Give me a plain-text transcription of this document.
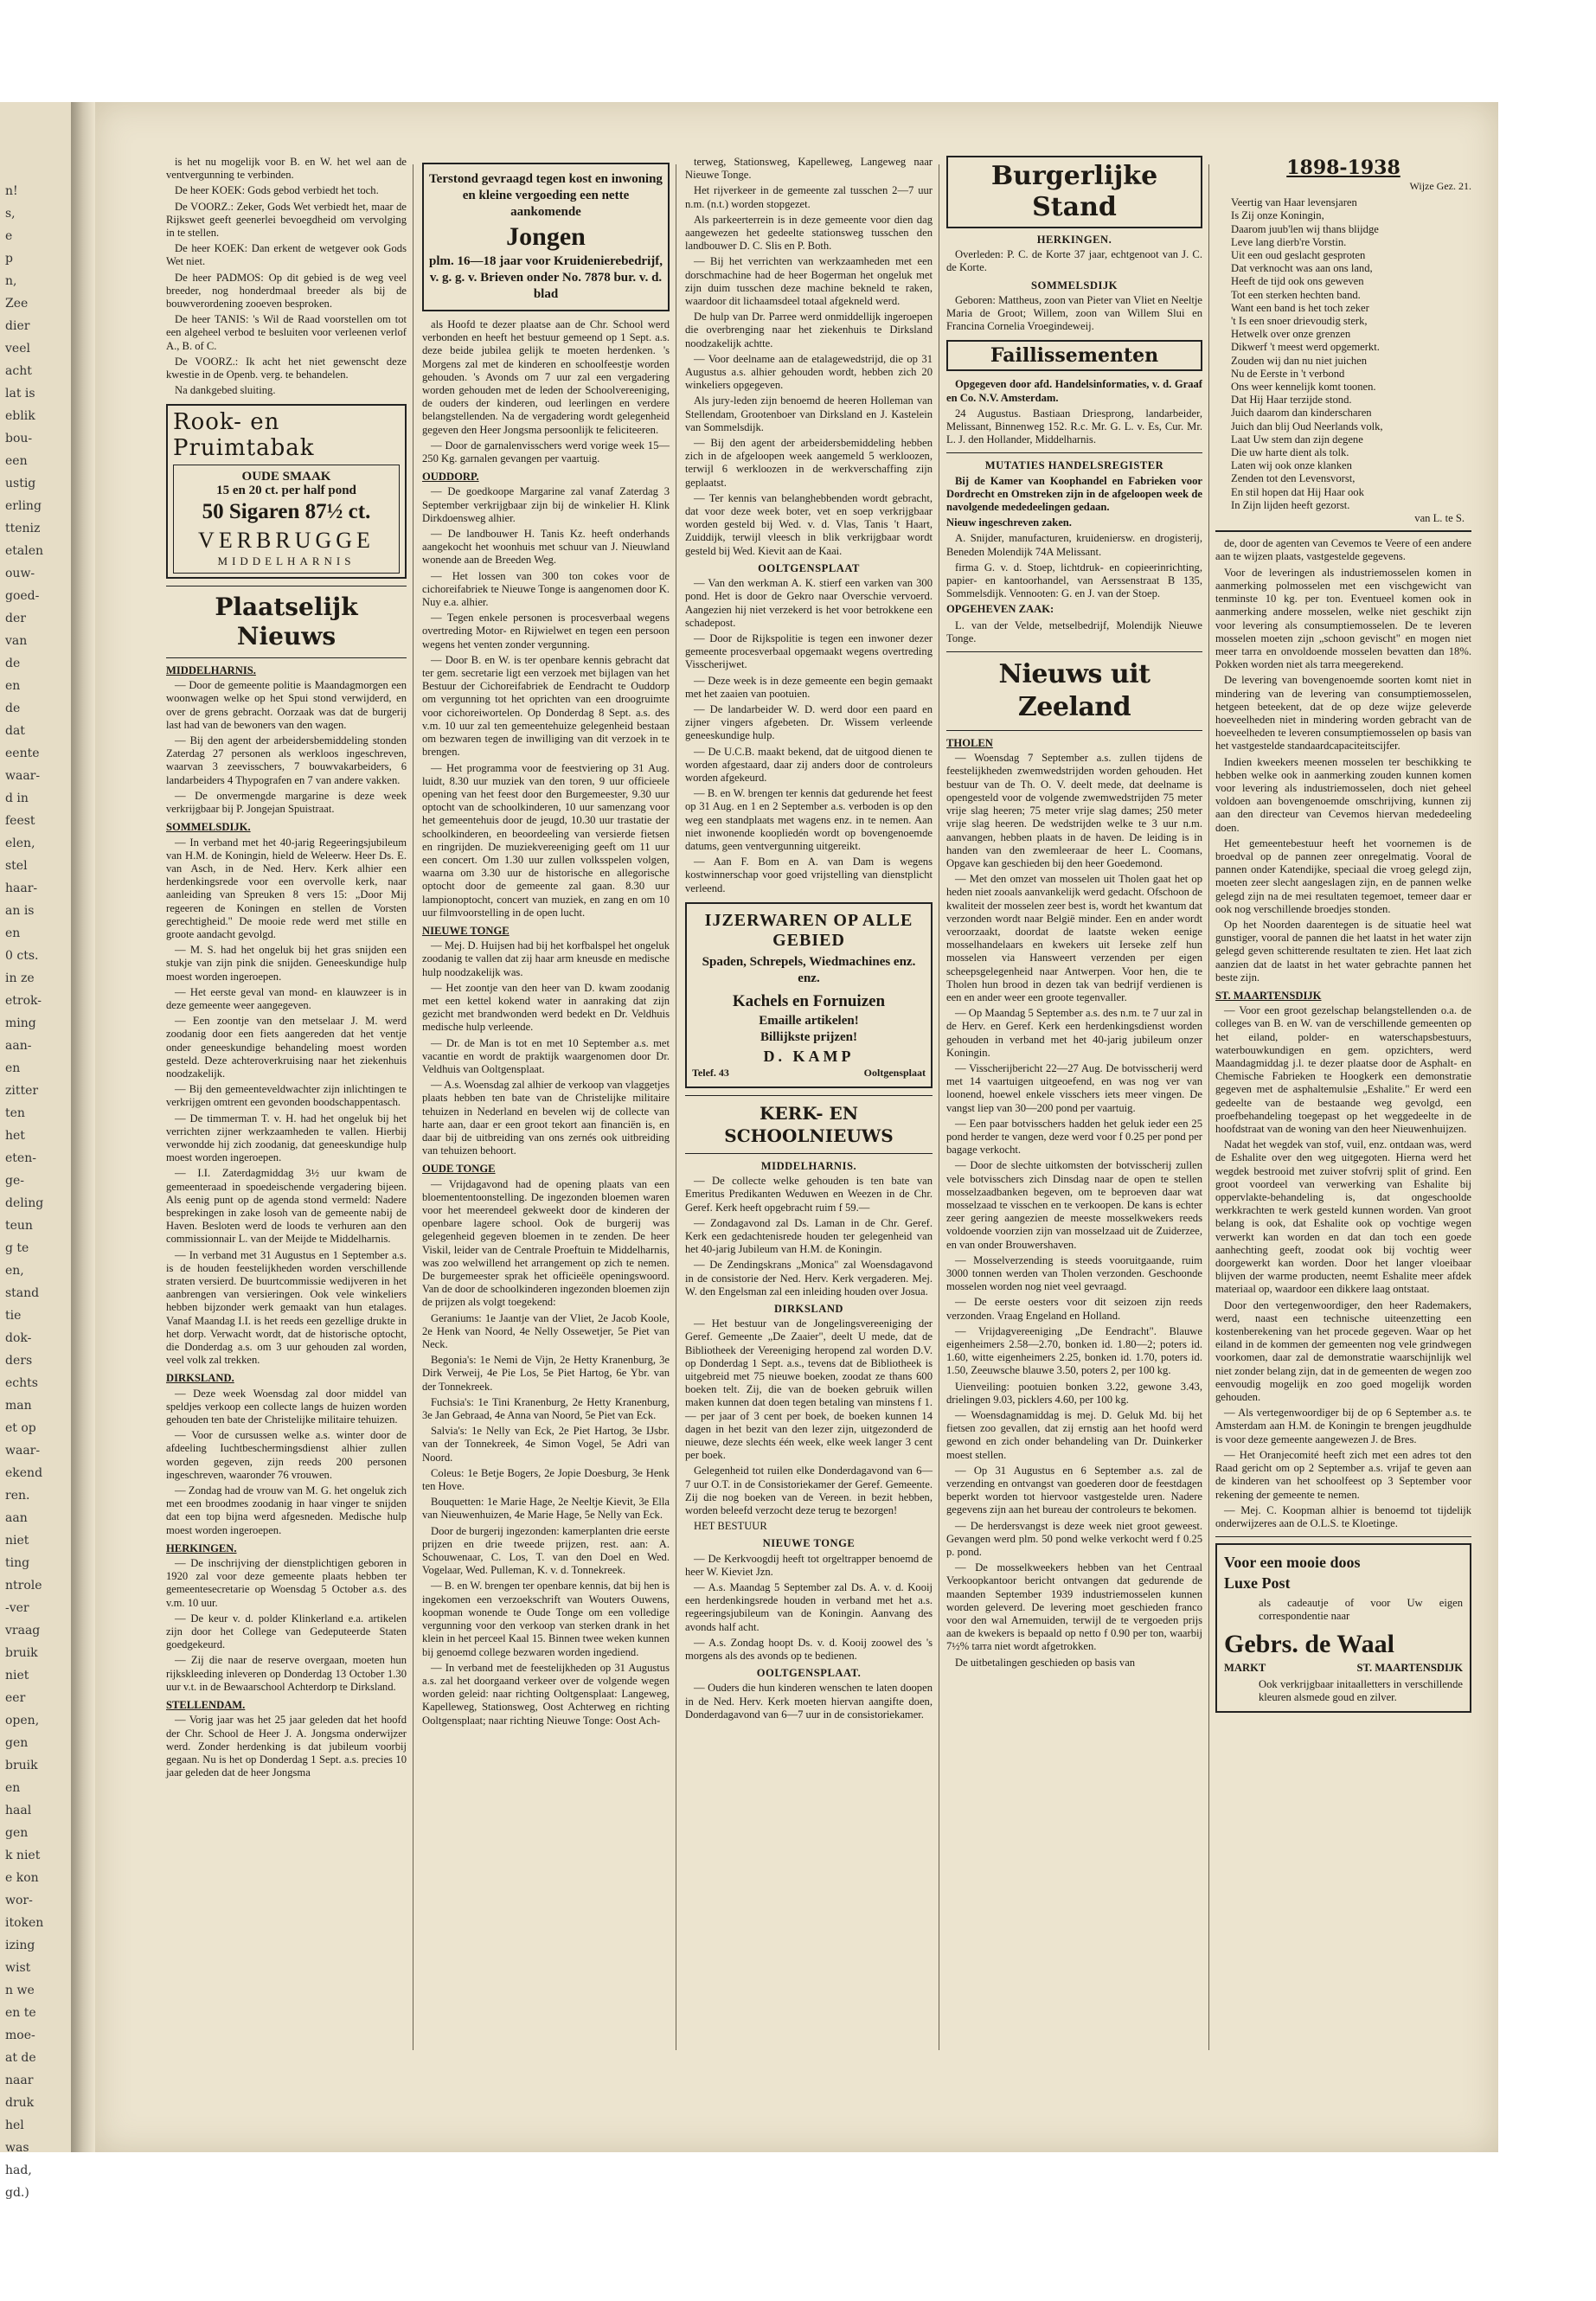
n!
s,
e
p
n,
Zee
dier
veel
acht
lat is
eblik
bou-
een
ustig
erling
tteniz
etalen
ouw-
goed-
der
van
de
en
de
dat
eente
waar-
d in
feest
elen,
stel
haar-
an is
en
0 cts.
in ze
etrok-
ming
aan-
en
zitter
ten
het
eten-
ge-
deling
teun
g te
en,
stand
tie
dok-
ders
echts
man
et op
waar-
ekend
ren.
aan
niet
ting
ntrole
-ver
vraag
bruik
niet
eer
open,
gen
bruik
en
haal
gen
k niet
e kon
wor-
itoken
izing
wist
n we
en te
moe-
at de
naar
druk
hel
was
had,
gd.)

is het nu mogelijk voor B. en W. het wel aan de ventvergunning te verbinden.

De heer KOEK: Gods gebod verbiedt het toch.

De VOORZ.: Zeker, Gods Wet verbiedt het, maar de Rijkswet geeft geenerlei bevoegdheid om vervolging in te stellen.

De heer KOEK: Dan erkent de wetgever ook Gods Wet niet.

De heer PADMOS: Op dit gebied is de weg veel breeder, nog honderdmaal breeder als bij de bouwverordening zooeven besproken.

De heer TANIS: 's Wil de Raad voorstellen om tot een algeheel verbod te besluiten voor verleenen verlof A., B. of C.

De VOORZ.: Ik acht het niet gewenscht deze kwestie in de Openb. verg. te behandelen.

Na dankgebed sluiting.

Rook- en
Pruimtabak
OUDE SMAAK
15 en 20 ct. per half pond
50 Sigaren 87½ ct.
VERBRUGGE
MIDDELHARNIS
Plaatselijk Nieuws
MIDDELHARNIS.

— Door de gemeente politie is Maandagmorgen een woonwagen welke op het Spui stond verwijderd, en over de grens gebracht. Oorzaak was dat de burgerij last had van de bewoners van den wagen.

— Bij den agent der arbeidersbemiddeling stonden Zaterdag 27 personen als werkloos ingeschreven, waarvan 3 zeevisschers, 7 bouwvakarbeiders, 6 landarbeiders 4 Thypografen en 7 van andere vakken.

— De onvermengde margarine is deze week verkrijgbaar bij P. Jongejan Spuistraat.

SOMMELSDIJK.

— In verband met het 40-jarig Regeeringsjubileum van H.M. de Koningin, hield de Weleerw. Heer Ds. E. van Asch, in de Ned. Herv. Kerk alhier een herdenkingsrede voor een overvolle kerk, naar aanleiding van Spreuken 8 vers 15: „Door Mij regeeren de Koningen en stellen de Vorsten gerechtigheid." De mooie rede werd met stille en groote aandacht gevolgd.

— M. S. had het ongeluk bij het gras snijden een stukje van zijn pink die snijden. Geneeskundige hulp moest worden ingeroepen.

— Het eerste geval van mond- en klauwzeer is in deze gemeente weer aangegeven.

— Een zoontje van den metselaar J. M. werd zoodanig door een fiets aangereden dat het ventje onder geneeskundige behandeling moest worden gesteld. Deze achteroverkruising naar het ziekenhuis noodzakelijk.

— Bij den gemeenteveldwachter zijn inlichtingen te verkrijgen omtrent een gevonden boodschappentasch.

— De timmerman T. v. H. had het ongeluk bij het verrichten zijner werkzaamheden te vallen. Hierbij verwondde hij zich zoodanig, dat geneeskundige hulp moest worden ingeroepen.

— I.I. Zaterdagmiddag 3½ uur kwam de gemeenteraad in spoedeischende vergadering bijeen. Als eenig punt op de agenda stond vermeld: Nadere besprekingen in zake losoh van de gemeente nabij de Haven. Besloten werd de loods te verhuren aan den commissionnair L. van der Meijde te Middelharnis.

— In verband met 31 Augustus en 1 September a.s. is de houden feestelijkheden worden verschillende straten versierd. De buurtcommissie wedijveren in het aanbrengen van versieringen. Ook vele winkeliers hebben bijzonder werk gemaakt van hun etalages. Vanaf Maandag I.I. is het reeds een gezellige drukte in het dorp. Verwacht wordt, dat de historische optocht, die Donderdag a.s. om 3 uur gehouden zal worden, veel volk zal trekken.

DIRKSLAND.

— Deze week Woensdag zal door middel van speldjes verkoop een collecte langs de huizen worden gehouden ten bate der Christelijke militaire tehuizen.

— Voor de cursussen welke a.s. winter door de afdeeling Iuchtbeschermingsdienst alhier zullen worden gegeven, zijn reeds 200 personen ingeschreven, waaronder 76 vrouwen.

— Zondag had de vrouw van M. G. het ongeluk zich met een broodmes zoodanig in haar vinger te snijden dat een top bijna werd afgesneden. Medische hulp moest worden ingeroepen.

HERKINGEN.

— De inschrijving der dienstplichtigen geboren in 1920 zal voor deze gemeente plaats hebben ter gemeentesecretarie op Woensdag 5 October a.s. des v.m. 10 uur.

— De keur v. d. polder Klinkerland e.a. artikelen zijn door het College van Gedeputeerde Staten goedgekeurd.

— Zij die naar de reserve overgaan, moeten hun rijkskleeding inleveren op Donderdag 13 October 1.30 uur v.t. in de Bewaarschool Achterdorp te Dirksland.

STELLENDAM.

— Vorig jaar was het 25 jaar geleden dat het hoofd der Chr. School de Heer J. A. Jongsma onderwijzer werd. Zonder herdenking is dat jubileum voorbij gegaan. Nu is het op Donderdag 1 Sept. a.s. precies 10 jaar geleden dat de heer Jongsma

Terstond gevraagd tegen kost en inwoning en kleine vergoeding een nette aankomende
Jongen
plm. 16—18 jaar voor Kruidenierebedrijf, v. g. g. v. Brieven onder No. 7878 bur. v. d. blad

als Hoofd te dezer plaatse aan de Chr. School werd verbonden en heeft het bestuur gemeend op 1 Sept. a.s. deze beide jubilea gelijk te moeten herdenken. 's Morgens zal met de kinderen en schoolfeestje worden gehouden. 's Avonds om 7 uur zal een vergadering worden gehouden met de leden der Schoolvereeniging, de ouders der kinderen, oud leerlingen en verdere belangstellenden. Na de vergadering wordt gelegenheid gegeven den Heer Jongsma persoonlijk te feliciteeren.

— Door de garnalenvisschers werd vorige week 15—250 Kg. garnalen gevangen per vaartuig.

OUDDORP.

— De goedkoope Margarine zal vanaf Zaterdag 3 September verkrijgbaar zijn bij de winkelier H. Klink Dirkdoensweg alhier.

— De landbouwer H. Tanis Kz. heeft onderhands aangekocht het woonhuis met schuur van J. Nieuwland wonende aan de Breeden Weg.

— Het lossen van 300 ton cokes voor de cichoreifabriek te Nieuwe Tonge is aangenomen door K. Nuy e.a. alhier.

— Tegen enkele personen is procesverbaal wegens overtreding Motor- en Rijwielwet en tegen een persoon wegens het venten zonder vergunning.

— Door B. en W. is ter openbare kennis gebracht dat ter gem. secretarie ligt een verzoek met bijlagen van het Bestuur der Cichoreifabriek de Eendracht te Ouddorp om vergunning tot het oprichten van een droogruimte voor cichoreiwortelen. Op Donderdag 8 Sept. a.s. des v.m. 10 uur zal ten gemeentehuize gelegenheid bestaan om bezwaren tegen de inwilliging van dit verzoek in te brengen.

— Het programma voor de feestviering op 31 Aug. luidt, 8.30 uur muziek van den toren, 9 uur officieele opening van het feest door den Burgemeester, 9.30 uur optocht van de schoolkinderen, 10 uur samenzang voor het gemeentehuis door de jeugd, 10.30 uur trastatie der schoolkinderen, en beoordeeling van versierde fietsen en ringrijden. De muziekvereeniging geeft om 11 uur een concert. Om 1.30 uur zullen volksspelen volgen, waarna om 3.30 uur de historische en allegorische optocht door de gemeente zal gaan. 8.30 uur lampionoptocht, concert van muziek, en zang en om 10 uur filmvoorstelling in de open lucht.

NIEUWE TONGE

— Mej. D. Huijsen had bij het korfbalspel het ongeluk zoodanig te vallen dat zij haar arm kneusde en medische hulp noodzakelijk was.

— Het zoontje van den heer van D. kwam zoodanig met een kettel kokend water in aanraking dat zijn gezicht met brandwonden werd bedekt en Dr. Veldhuis medische hulp verleende.

— Dr. de Man is tot en met 10 September a.s. met vacantie en wordt de praktijk waargenomen door Dr. Veldhuis van Ooltgensplaat.

— A.s. Woensdag zal alhier de verkoop van vlaggetjes plaats hebben ten bate van de Christelijke militaire tehuizen in Nederland en bevelen wij de collecte van harte aan, daar er een groot tekort aan financiën is, en daar bij de uitbreiding van ons zernés ook uitbreiding van tehuizen behoort.

OUDE TONGE

— Vrijdagavond had de opening plaats van een bloemententoonstelling. De ingezonden bloemen waren voor het meerendeel gekweekt door de kinderen der openbare lagere school. Ook de burgerij was gelegenheid gegeven bloemen in te zenden. De heer Viskil, leider van de Centrale Proeftuin te Middelharnis, was zoo welwillend het arrangement op zich te nemen. De burgemeester sprak het officieële openingswoord. Van de door de schoolkinderen ingezonden bloemen zijn de prijzen als volgt toegekend:

Geraniums: 1e Jaantje van der Vliet, 2e Jacob Koole, 2e Henk van Noord, 4e Nelly Ossewetjer, 5e Piet van Neck.

Begonia's: 1e Nemi de Vijn, 2e Hetty Kranenburg, 3e Dirk Verweij, 4e Pie Los, 5e Piet Hartog, 6e Ybr. van der Tonnekreek.

Fuchsia's: 1e Tini Kranenburg, 2e Hetty Kranenburg, 3e Jan Gebraad, 4e Anna van Noord, 5e Piet van Eck.

Salvia's: 1e Nelly van Eck, 2e Piet Hartog, 3e IJsbr. van der Tonnekreek, 4e Simon Vogel, 5e Adri van Noord.

Coleus: 1e Betje Bogers, 2e Jopie Doesburg, 3e Henk ten Hove.

Bouquetten: 1e Marie Hage, 2e Neeltje Kievit, 3e Ella van Nieuwenhuizen, 4e Marie Hage, 5e Nelly van Eck.

Door de burgerij ingezonden: kamerplanten drie eerste prijzen en drie tweede prijzen, rest. aan: A. Schouwenaar, C. Los, T. van den Doel en Wed. Vogelaar, Wed. Pulleman, K. v. d. Tonnekreek.

— B. en W. brengen ter openbare kennis, dat bij hen is ingekomen een verzoekschrift van Wouters Ouwens, koopman wonende te Oude Tonge om een volledige vergunning voor den verkoop van sterken drank in het klein in het perceel Kaal 15. Binnen twee weken kunnen bij genoemd college bezwaren worden ingediend.

— In verband met de feestelijkheden op 31 Augustus a.s. zal het doorgaand verkeer over de volgende wegen worden geleid: naar richting Ooltgensplaat: Langeweg, Kapelleweg, Stationsweg, Oost Achterweg en richting Ooltgensplaat; naar richting Nieuwe Tonge: Oost Ach-

terweg, Stationsweg, Kapelleweg, Langeweg naar Nieuwe Tonge.

Het rijverkeer in de gemeente zal tusschen 2—7 uur n.m. (n.t.) worden stopgezet.

Als parkeerterrein is in deze gemeente voor dien dag aangewezen het gedeelte stationsweg tusschen den landbouwer D. C. Slis en P. Both.

— Bij het verrichten van werkzaamheden met een dorschmachine had de heer Bogerman het ongeluk met zijn duim tusschen deze machine bekneld te raken, waardoor dit lichaamsdeel totaal afgekneld werd.

De hulp van Dr. Parree werd onmiddellijk ingeroepen die overbrenging naar het ziekenhuis te Dirksland noodzakelijk achtte.

— Voor deelname aan de etalagewedstrijd, die op 31 Augustus a.s. alhier gehouden wordt, hebben zich 20 winkeliers opgegeven.

Als jury-leden zijn benoemd de heeren Holleman van Stellendam, Grootenboer van Dirksland en J. Kastelein van Sommelsdijk.

— Bij den agent der arbeidersbemiddeling hebben zich in de afgeloopen week aangemeld 5 werkloozen, terwijl 6 werkloozen in de werkverschaffing zijn geplaatst.

— Ter kennis van belanghebbenden wordt gebracht, dat voor deze week boter, vet en soep verkrijgbaar worden gesteld bij Wed. v. d. Vlas, Tanis 't Haart, Zuiddijk, terwijl vleesch in blik verkrijgbaar wordt gesteld bij Wed. Kievit aan de Kaai.

OOLTGENSPLAAT

— Van den werkman A. K. stierf een varken van 300 pond. Het is door de Gekro naar Overschie vervoerd. Aangezien hij niet verzekerd is het voor betrokkene een schadepost.

— Door de Rijkspolitie is tegen een inwoner dezer gemeente procesverbaal opgemaakt wegens overtreding Visscherijwet.

— Deze week is in deze gemeente een begin gemaakt met het zaaien van pootuien.

— De landarbeider W. D. werd door een paard en zijner vingers afgebeten. Dr. Wissem verleende geneeskundige hulp.

— De U.C.B. maakt bekend, dat de uitgood dienen te worden afgestaard, daar zij anders door de controleurs worden afgekeurd.

— B. en W. brengen ter kennis dat gedurende het feest op 31 Aug. en 1 en 2 September a.s. verboden is op den weg een standplaats met wagens enz. in te nemen. Aan niet inwonende koopliedén wordt op bovengenoemde datums, geen ventvergunning uitgereikt.

— Aan F. Bom en A. van Dam is wegens kostwinnerschap voor goed vrijstelling van dienstplicht verleend.

IJZERWAREN OP ALLE GEBIED
Spaden, Schrepels, Wiedmachines enz. enz.
Kachels en Fornuizen
Emaille artikelen!
Billijkste prijzen!
D. KAMP
Telef. 43	Ooltgensplaat
KERK- EN SCHOOLNIEUWS
MIDDELHARNIS.

— De collecte welke gehouden is ten bate van Emeritus Predikanten Weduwen en Weezen in de Chr. Geref. Kerk heeft opgebracht ruim f 59.—

— Zondagavond zal Ds. Laman in de Chr. Geref. Kerk een gedachtenisrede houden ter gelegenheid van het 40-jarig Jubileum van H.M. de Koningin.

— De Zendingskrans „Monica" zal Woensdagavond in de consistorie der Ned. Herv. Kerk vergaderen. Mej. W. den Engelsman zal een inleiding houden over Josua.

DIRKSLAND

— Het bestuur van de Jongelingsvereeniging der Geref. Gemeente „De Zaaier", deelt U mede, dat de Bibliotheek der Vereeniging heropend zal worden D.V. op Donderdag 1 Sept. a.s., tevens dat de Bibliotheek is uitgebreid met 75 nieuwe boeken, zoodat ze thans 600 boeken telt. Zij, die van de boeken gebruik willen maken kunnen dat doen tegen betaling van minstens f 1.— per jaar of 3 cent per boek, de boeken kunnen 14 dagen in het bezit van den lezer zijn, uitgezonderd de nieuwe, deze slechts één week, elke week langer 3 cent per boek.

Gelegenheid tot ruilen elke Donderdagavond van 6—7 uur O.T. in de Consistoriekamer der Geref. Gemeente. Zij die nog boeken van de Vereen. in bezit hebben, worden beleefd verzocht deze terug te bezorgen!

HET BESTUUR

NIEUWE TONGE

— De Kerkvoogdij heeft tot orgeltrapper benoemd de heer W. Kieviet Jzn.

— A.s. Maandag 5 September zal Ds. A. v. d. Kooij een herdenkingsrede houden in verband met het a.s. regeeringsjubileum van de Koningin. Aanvang des avonds half acht.

— A.s. Zondag hoopt Ds. v. d. Kooij zoowel des 's morgens als des avonds op te bedienen.

OOLTGENSPLAAT.

— Ouders die hun kinderen wenschen te laten doopen in de Ned. Herv. Kerk moeten hiervan aangifte doen, Donderdagavond van 6—7 uur in de consistoriekamer.

Burgerlijke Stand
HERKINGEN.

Overleden: P. C. de Korte 37 jaar, echtgenoot van J. C. de Korte.

SOMMELSDIJK

Geboren: Mattheus, zoon van Pieter van Vliet en Neeltje Maria de Groot; Willem, zoon van Willem Slui en Francina Cornelia Vroegindeweij.

Faillissementen

Opgegeven door afd. Handelsinformaties, v. d. Graaf en Co. N.V. Amsterdam.

24 Augustus. Bastiaan Driesprong, landarbeider, Melissant, Binnenweg 152. R.c. Mr. G. L. v. Es, Cur. Mr. L. J. den Hollander, Middelharnis.

MUTATIES HANDELSREGISTER

Bij de Kamer van Koophandel en Fabrieken voor Dordrecht en Omstreken zijn in de afgeloopen week de navolgende mededeelingen gedaan.

Nieuw ingeschreven zaken.

A. Snijder, manufacturen, kruideniersw. en drogisterij, Beneden Molendijk 74A Melissant.

firma G. v. d. Stoep, lichtdruk- en copieerinrichting, papier- en kantoorhandel, van Aerssenstraat B 135, Sommelsdijk. Vennooten: G. en J. van der Stoep.

OPGEHEVEN ZAAK:

L. van der Velde, metselbedrijf, Molendijk Nieuwe Tonge.

Nieuws uit Zeeland
THOLEN

— Woensdag 7 September a.s. zullen tijdens de feestelijkheden zwemwedstrijden worden gehouden. Het bestuur van de Th. O. V. deelt mede, dat deelname is opengesteld voor de volgende zwemwedstrijden 75 meter vrije slag heeren; 75 meter vrije slag dames; 250 meter vrije slag heeren. De wedstrijden welke te 3 uur n.m. aanvangen, hebben plaats in de haven. De leiding is in handen van den zwemleeraar de heer L. Coomans, Opgave kan geschieden bij den heer Goedemond.

— Met den omzet van mosselen uit Tholen gaat het op heden niet zooals aanvankelijk werd gedacht. Ofschoon de kwaliteit der mosselen zeer best is, wordt het kwantum dat verzonden wordt naar België minder. Een en ander wordt veroorzaakt, doordat de laatste weken eenige mosselhandelaars en kwekers uit Ierseke zelf hun mosselen via Hansweert verzenden per eigen scheepsgelegenheid naar Antwerpen. Voor hen, die te Tholen hun brood in dezen tak van bedrijf verdienen is een en ander weer een groote tegenvaller.

— Op Maandag 5 September a.s. des n.m. te 7 uur zal in de Herv. en Geref. Kerk een herdenkingsdienst worden gehouden in verband met het 40-jarig jubileum onzer Koningin.

— Visscherijbericht 22—27 Aug. De botvisscherij werd met 14 vaartuigen uitgeoefend, en was nog ver van loonend, hoewel enkele visschers iets meer vingen. De vangst liep van 30—200 pond per vaartuig.

— Een paar botvisschers hadden het geluk ieder een 25 pond herder te vangen, deze werd voor f 0.25 per pond per bagage verkocht.

— Door de slechte uitkomsten der botvisscherij zullen vele botvisschers zich Dinsdag naar de open te stellen mosselzaadbanken begeven, om te beproeven daar wat mosselzaad te visschen en te verkoopen. De kans is echter zeer gering aangezien de meeste mosselkwekers reeds voldoende voorzien zijn van mosselzaad uit de Zuiderzee, en van onder Brouwershaven.

— Mosselverzending is steeds vooruitgaande, ruim 3000 tonnen werden van Tholen verzonden. Geschoonde mosselen worden nog niet veel gevraagd.

— De eerste oesters voor dit seizoen zijn reeds verzonden. Vraag Engeland en Holland.

— Vrijdagvereeniging „De Eendracht". Blauwe eigenheimers 2.58—2.70, bonken id. 1.80—2; poters id. 1.60, witte eigenheimers 2.25, bonken id. 1.70, poters id. 1.50, Zeeuwsche blauwe 3.50, poters 2, per 100 kg.

Uienveiling: pootuien bonken 3.22, gewone 3.43, drielingen 9.03, picklers 4.60, per 100 kg.

— Woensdagnamiddag is mej. D. Geluk Md. bij het fietsen zoo gevallen, dat zij ernstig aan het hoofd werd gewond en zich onder behandeling van Dr. Duinkerker moest stellen.

— Op 31 Augustus en 6 September a.s. zal de verzending en ontvangst van goederen door de feestdagen beperkt worden tot hiervoor vastgestelde uren. Nadere gegevens zijn aan het bureau der controleurs te bekomen.

— De herdersvangst is deze week niet groot geweest. Gevangen werd plm. 50 pond welke verkocht werd f 0.25 p. pond.

— De mosselkweekers hebben van het Centraal Verkoopkantoor bericht ontvangen dat gedurende de maanden September 1939 industriemosselen kunnen worden geleverd. De levering moet geschieden franco voor den wal Arnemuiden, terwijl de te vergoeden prijs aan de kwekers is bepaald op netto f 0.90 per ton, waarbij 7½% tarra niet wordt afgetrokken.

De uitbetalingen geschieden op basis van

1898-1938
Wijze Gez. 21.
Veertig van Haar levensjaren
Is Zij onze Koningin,
Daarom juub'len wij thans blijdge
Leve lang dierb're Vorstin.
Uit een oud geslacht gesproten
Dat verknocht was aan ons land,
Heeft de tijd ook ons geweven
Tot een sterken hechten band.
Want een band is het toch zeker
't Is een snoer drievoudig sterk,
Hetwelk over onze grenzen
Dikwerf 't meest werd opgemerkt.
Zouden wij dan nu niet juichen
Nu de Eerste in 't verbond
Ons weer kennelijk komt toonen.
Dat Hij Haar terzijde stond.
Juich daarom dan kinderscharen
Juich dan blij Oud Neerlands volk,
Laat Uw stem dan zijn degene
Die uw harte dient als tolk.
Laten wij ook onze klanken
Zenden tot den Levensvorst,
En stil hopen dat Hij Haar ook
In Zijn lijden heeft gezorst.
van L. te S.

de, door de agenten van Cevemos te Veere of een andere aan te wijzen plaats, vastgestelde gegevens.

Voor de leveringen als industriemosselen komen in aanmerking polmosselen met een vischgewicht van tenminste 10 kg. per ton. Eventueel komen ook in aanmerking andere mosselen, welke niet geschikt zijn voor levering als consumptiemosselen. De te leveren mosselen moeten zijn „schoon gevischt" en mogen niet meer tarra en onvoldoende mosselen bevatten dan 18%. Pokken worden niet als tarra meegerekend.

De levering van bovengenoemde soorten komt niet in mindering van de levering van consumptiemosselen, hetgeen beteekent, dat de op deze wijze geleverde hoeveelheden niet in mindering worden gebracht van de hoeveelheden te leveren consumptiemosselen op basis van het vastgestelde standaardcapaciteitscijfer.

Indien kweekers meenen mosselen ter beschikking te hebben welke ook in aanmerking zouden kunnen komen voor levering als industriemosselen, doch niet geheel voldoen aan bovengenoemde omschrijving, kunnen zij aan den directeur van Cevemos hiervan mededeeling doen.

Het gemeentebestuur heeft het voornemen is de broedval op de pannen zeer onregelmatig. Vooral de pannen onder Katendijke, speciaal die vroeg gelegd zijn, moeten zeer slecht aangeslagen zijn, en de pannen welke gelegd zijn na de mei resultaten tegemoet, temeer daar er ook nog verschillende broedjes stonden.

Op het Noorden daarentegen is de situatie heel wat gunstiger, vooral de pannen die het laatst in het water zijn gelegd geven schitterende resultaten te zien. Het laat zich aanzien dat de laatst in het water gebrachte pannen het beste zijn.

ST. MAARTENSDIJK

— Voor een groot gezelschap belangstellenden o.a. de colleges van B. en W. van de verschillende gemeenten op het eiland, polder- en waterschapsbestuurs, waterbouwkundigen en gem. opzichters, werd Maandagmiddag j.l. te dezer plaatse door de Asphalt- en Chemische Fabrieken te Hoogkerk een demonstratie gegeven met de asphaltemulsie „Eshalite." Er werd een gedeelte van de bestaande weg gevolgd, een proefbehandeling toegepast op het weggedeelte in de hoofdstraat van de woning van den heer Nieuwenhuijzen.

Nadat het wegdek van stof, vuil, enz. ontdaan was, werd de Eshalite over den weg uitgegoten. Hierna werd het wegdek bestrooid met zuiver stofvrij split of grind. Een groot voordeel van verwerking van Eshalite bij oppervlakte-behandeling is, dat ongeschoolde werkkrachten te werk gesteld kunnen worden. Van groot belang is ook, dat Eshalite ook op vochtige wegen verwerkt kan worden en dat dan toch een goede aanhechting geeft, zoodat ook bij vochtig weer doorgewerkt kan worden. Door het langer vloeibaar blijven der warme producten, neemt Eshalite meer afdek materiaal op, waardoor een dikkere laag ontstaat.

Door den vertegenwoordiger, den heer Rademakers, werd, naast een technische uiteenzetting een kostenberekening van het procede gegeven. Waar op het eiland in de kommen der gemeenten nog vele grindwegen voorkomen, daar zal de demonstratie waarschijnlijk wel niet zonder belang zijn, dat in de gemeenten de wegen zoo eenvoudig mogelijk en zoo goed mogelijk worden gehouden.

— Als vertegenwoordiger bij de op 6 September a.s. te Amsterdam aan H.M. de Koningin te brengen jeugdhulde is voor deze gemeente aangewezen J. de Bres.

— Het Oranjecomité heeft zich met een adres tot den Raad gericht om op 2 September a.s. vrijaf te geven aan de kinderen van het schoolfeest op 3 September voor rekening der gemeente te nemen.

— Mej. C. Koopman alhier is benoemd tot tijdelijk onderwijzeres aan de O.L.S. te Kloetinge.

Voor een mooie doos
Luxe Post
als cadeautje of voor Uw eigen correspondentie naar
Gebrs. de Waal
MARKT	ST. MAARTENSDIJK
Ook verkrijgbaar initaalletters in verschillende kleuren alsmede goud en zilver.
